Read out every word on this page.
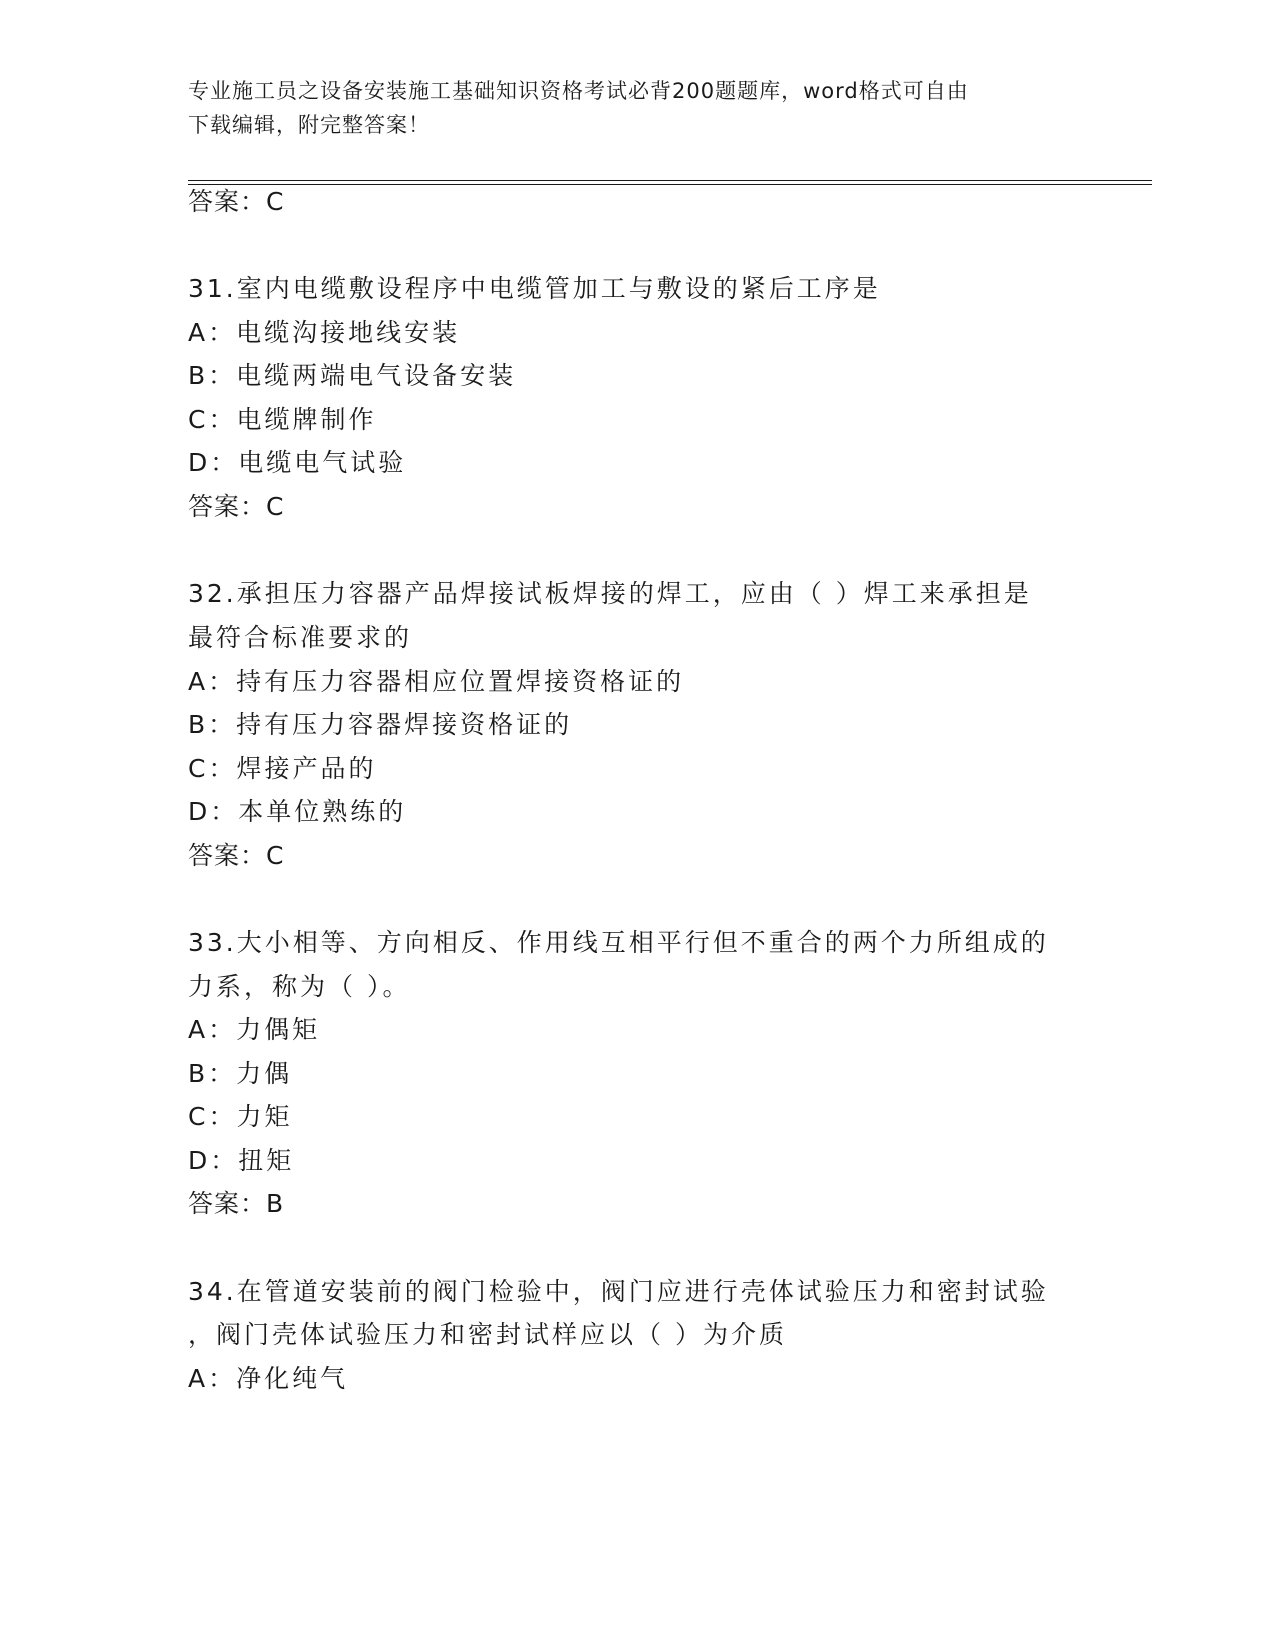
专业施工员之设备安装施工基础知识资格考试必背200题题库，word格式可自由
下载编辑，附完整答案！
答案：C
31.室内电缆敷设程序中电缆管加工与敷设的紧后工序是
A：电缆沟接地线安装
B：电缆两端电气设备安装
C：电缆牌制作
D：电缆电气试验
答案：C
32.承担压力容器产品焊接试板焊接的焊工，应由（ ）焊工来承担是
最符合标准要求的
A：持有压力容器相应位置焊接资格证的
B：持有压力容器焊接资格证的
C：焊接产品的
D：本单位熟练的
答案：C
33.大小相等、方向相反、作用线互相平行但不重合的两个力所组成的
力系，称为（ ）。
A：力偶矩
B：力偶
C：力矩
D：扭矩
答案：B
34.在管道安装前的阀门检验中，阀门应进行壳体试验压力和密封试验
，阀门壳体试验压力和密封试样应以（ ）为介质
A：净化纯气
